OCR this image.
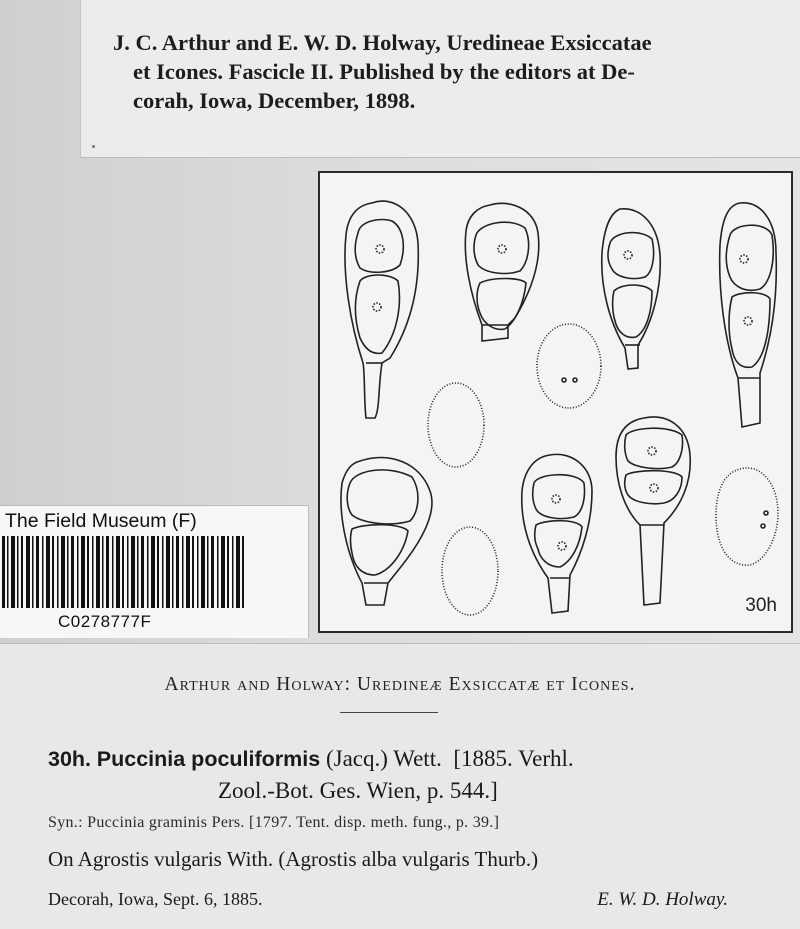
J. C. Arthur and E. W. D. Holway, Uredineae Exsiccatae
et Icones. Fascicle II. Published by the editors at De-
corah, Iowa, December, 1898.
30h
The Field Museum (F)
C0278777F
Arthur and Holway: Uredineæ Exsiccatæ et Icones.
30h. Puccinia poculiformis (Jacq.) Wett. [1885. Verhl.
Zool.-Bot. Ges. Wien, p. 544.]
Syn.: Puccinia graminis Pers. [1797. Tent. disp. meth. fung., p. 39.]
On Agrostis vulgaris With. (Agrostis alba vulgaris Thurb.)
Decorah, Iowa, Sept. 6, 1885.	E. W. D. Holway.
